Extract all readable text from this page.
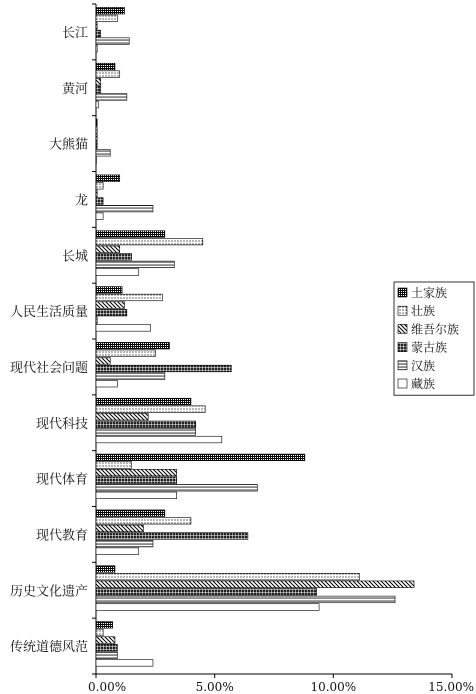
长江
黄河
大熊猫
龙
长城
人民生活质量
现代社会问题
现代科技
现代体育
现代教育
历史文化遗产
传统道德风范
0.00%	5.00%	10.00%	15.00%
土家族
壮族
维吾尔族
蒙古族
汉族
藏族
